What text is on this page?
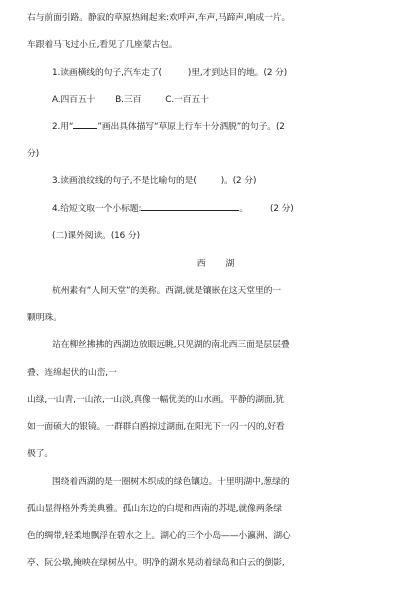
右与前面引路。静寂的草原热闹起来:欢呼声,车声,马蹄声,响成一片。
车跟着马飞过小丘,看见了几座蒙古包。
1.读画横线的句子,汽车走了(	)里,才到达目的地。(2 分)
A.四百五十 B.三百	C.一百五十
2.用“	”画出具体描写“草原上行车十分洒脱”的句子。(2
分)
3.读画浪纹线的句子,不是比喻句的是(	)。(2 分)
4.给短文取一个小标题:	。	(2 分)
(二)课外阅读。(16 分)
西 湖
杭州素有“人间天堂”的美称。西湖,就是镶嵌在这天堂里的一
颗明珠。
站在柳丝拂拂的西湖边放眼远眺,只见湖的南北西三面是层层叠
叠、连绵起伏的山峦,一
山绿,一山青,一山浓,一山淡,真像一幅优美的山水画。平静的湖面,犹
如一面硕大的银镜。一群群白鸥掠过湖面,在阳光下一闪一闪的,好看
极了。
围绕着西湖的是一圈树木织成的绿色镶边。十里明湖中,葱绿的
孤山显得格外秀美典雅。孤山东边的白堤和西南的苏堤,就像两条绿
色的绸带,轻柔地飘浮在碧水之上。湖心的三个小岛——小瀛洲、湖心
亭、阮公墩,掩映在绿树丛中。明净的湖水晃动着绿岛和白云的倒影,
